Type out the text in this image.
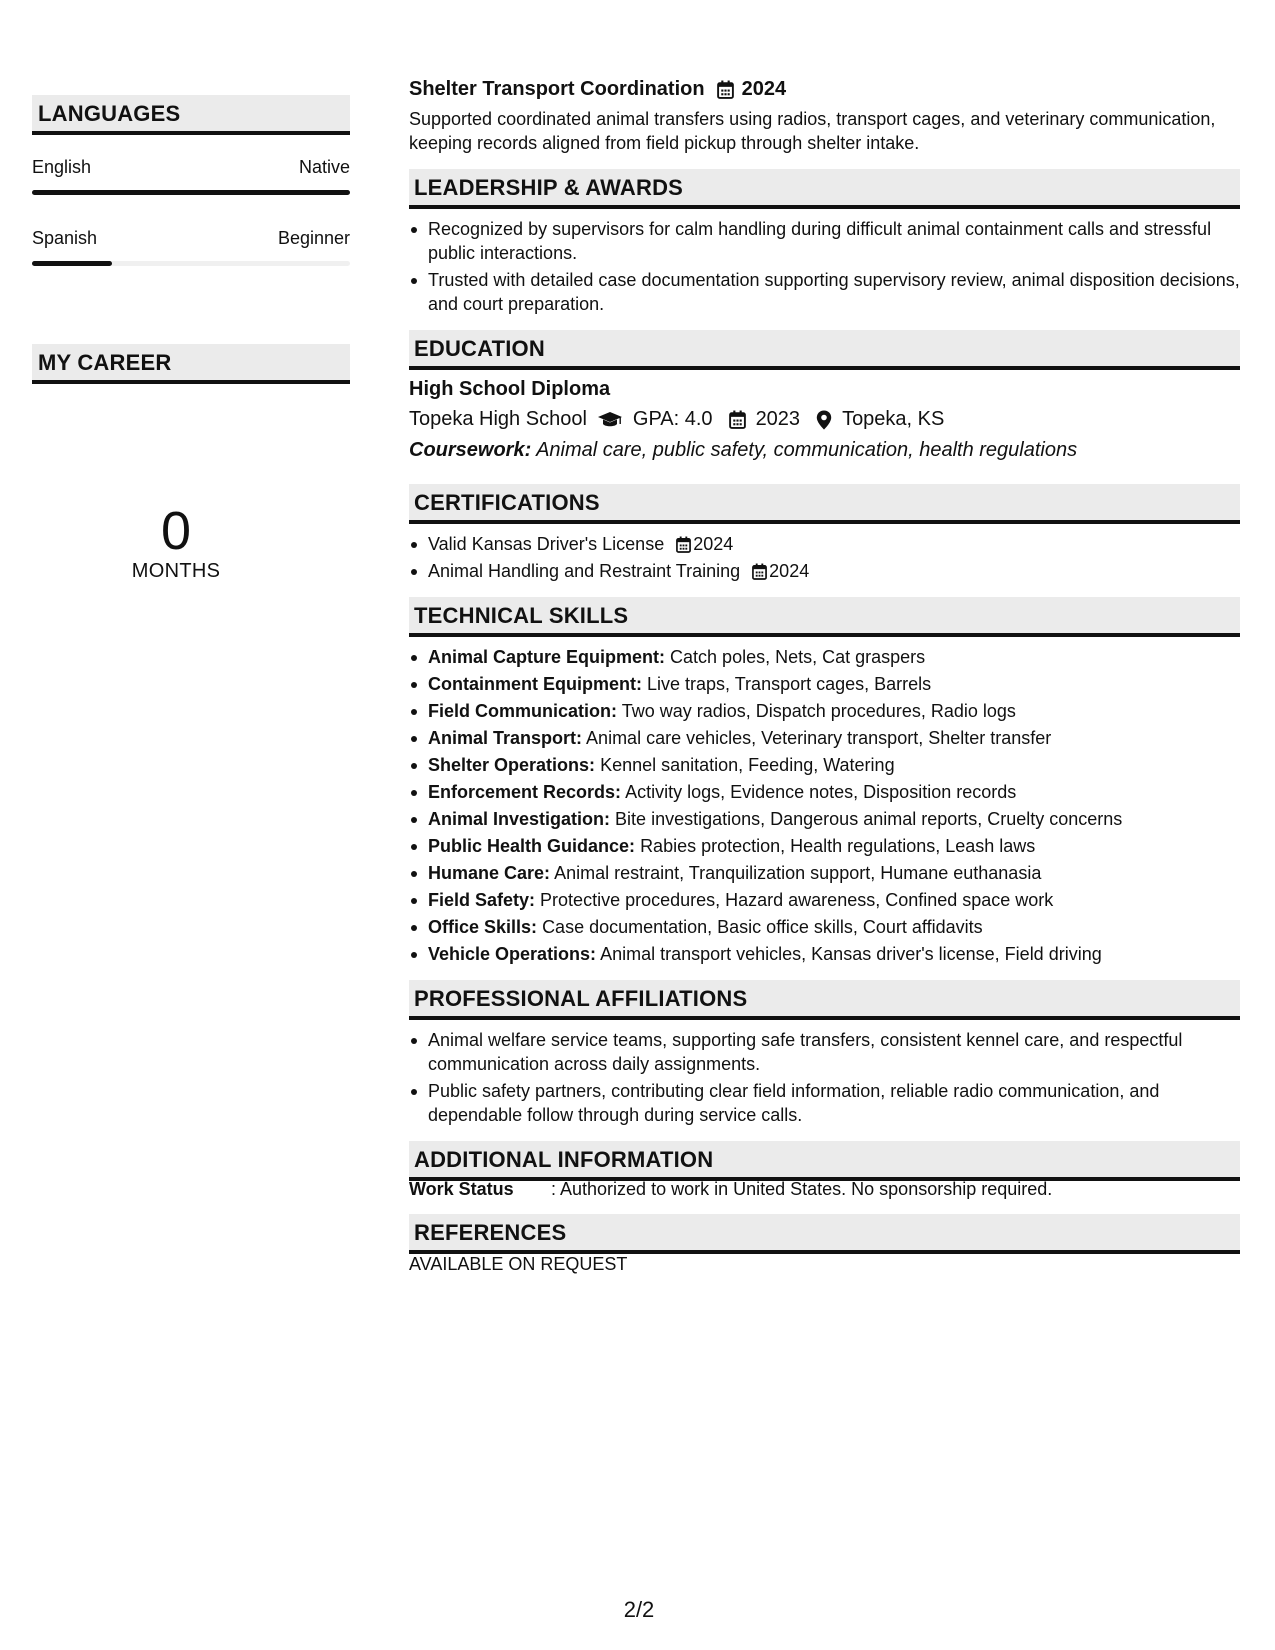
LANGUAGES
English	Native
Spanish	Beginner
MY CAREER
0
MONTHS
Shelter Transport Coordination 2024
Supported coordinated animal transfers using radios, transport cages, and veterinary communication, keeping records aligned from field pickup through shelter intake.
LEADERSHIP & AWARDS
Recognized by supervisors for calm handling during difficult animal containment calls and stressful public interactions.
Trusted with detailed case documentation supporting supervisory review, animal disposition decisions, and court preparation.
EDUCATION
High School Diploma
Topeka High School GPA: 4.0 2023 Topeka, KS
Coursework: Animal care, public safety, communication, health regulations
CERTIFICATIONS
Valid Kansas Driver's License 2024
Animal Handling and Restraint Training 2024
TECHNICAL SKILLS
Animal Capture Equipment: Catch poles, Nets, Cat graspers
Containment Equipment: Live traps, Transport cages, Barrels
Field Communication: Two way radios, Dispatch procedures, Radio logs
Animal Transport: Animal care vehicles, Veterinary transport, Shelter transfer
Shelter Operations: Kennel sanitation, Feeding, Watering
Enforcement Records: Activity logs, Evidence notes, Disposition records
Animal Investigation: Bite investigations, Dangerous animal reports, Cruelty concerns
Public Health Guidance: Rabies protection, Health regulations, Leash laws
Humane Care: Animal restraint, Tranquilization support, Humane euthanasia
Field Safety: Protective procedures, Hazard awareness, Confined space work
Office Skills: Case documentation, Basic office skills, Court affidavits
Vehicle Operations: Animal transport vehicles, Kansas driver's license, Field driving
PROFESSIONAL AFFILIATIONS
Animal welfare service teams, supporting safe transfers, consistent kennel care, and respectful communication across daily assignments.
Public safety partners, contributing clear field information, reliable radio communication, and dependable follow through during service calls.
ADDITIONAL INFORMATION
Work Status	: Authorized to work in United States. No sponsorship required.
REFERENCES
AVAILABLE ON REQUEST
2/2
